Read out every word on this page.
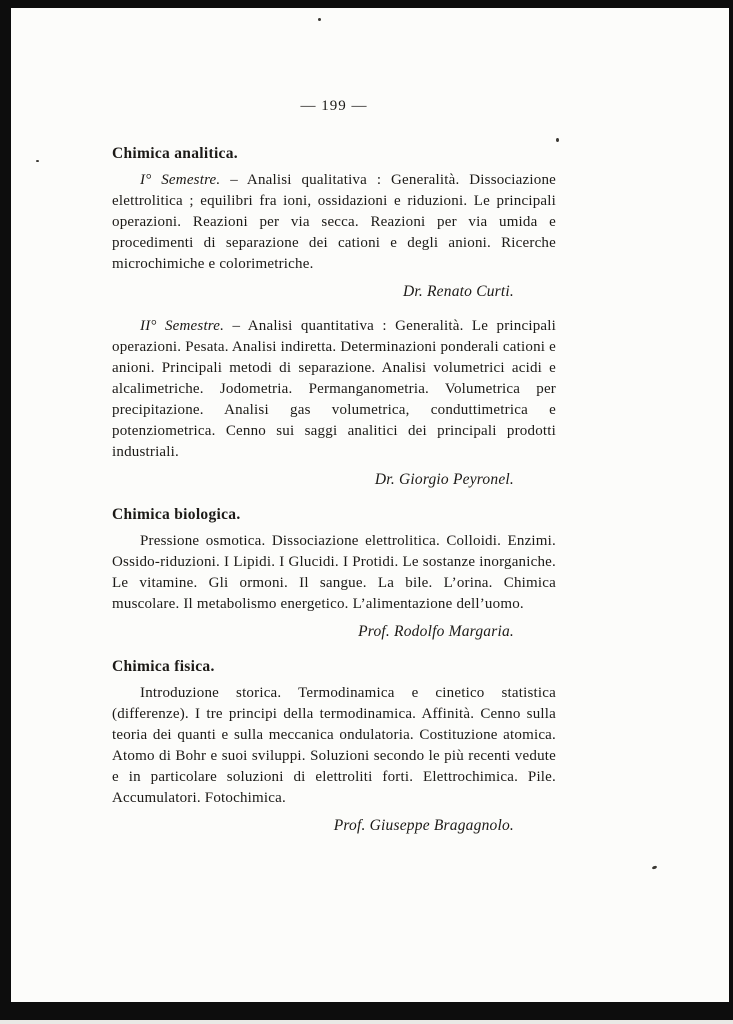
— 199 —
Chimica analitica.

I° Semestre. – Analisi qualitativa : Generalità. Dissociazione elettrolitica ; equilibri fra ioni, ossidazioni e riduzioni. Le principali operazioni. Reazioni per via secca. Reazioni per via umida e procedimenti di separazione dei cationi e degli anioni. Ricerche microchimiche e colorimetriche.

Dr. Renato Curti.

II° Semestre. – Analisi quantitativa : Generalità. Le principali operazioni. Pesata. Analisi indiretta. Determinazioni ponderali cationi e anioni. Principali metodi di separazione. Analisi volumetrici acidi e alcalimetriche. Jodometria. Permanganometria. Volumetrica per precipitazione. Analisi gas volumetrica, conduttimetrica e potenziometrica. Cenno sui saggi analitici dei principali prodotti industriali.

Dr. Giorgio Peyronel.

Chimica biologica.

Pressione osmotica. Dissociazione elettrolitica. Colloidi. Enzimi. Ossido-riduzioni. I Lipidi. I Glucidi. I Protidi. Le sostanze inorganiche. Le vitamine. Gli ormoni. Il sangue. La bile. L’orina. Chimica muscolare. Il metabolismo energetico. L’alimentazione dell’uomo.

Prof. Rodolfo Margaria.

Chimica fisica.

Introduzione storica. Termodinamica e cinetico statistica (differenze). I tre principi della termodinamica. Affinità. Cenno sulla teoria dei quanti e sulla meccanica ondulatoria. Costituzione atomica. Atomo di Bohr e suoi sviluppi. Soluzioni secondo le più recenti vedute e in particolare soluzioni di elettroliti forti. Elettrochimica. Pile. Accumulatori. Fotochimica.

Prof. Giuseppe Bragagnolo.
